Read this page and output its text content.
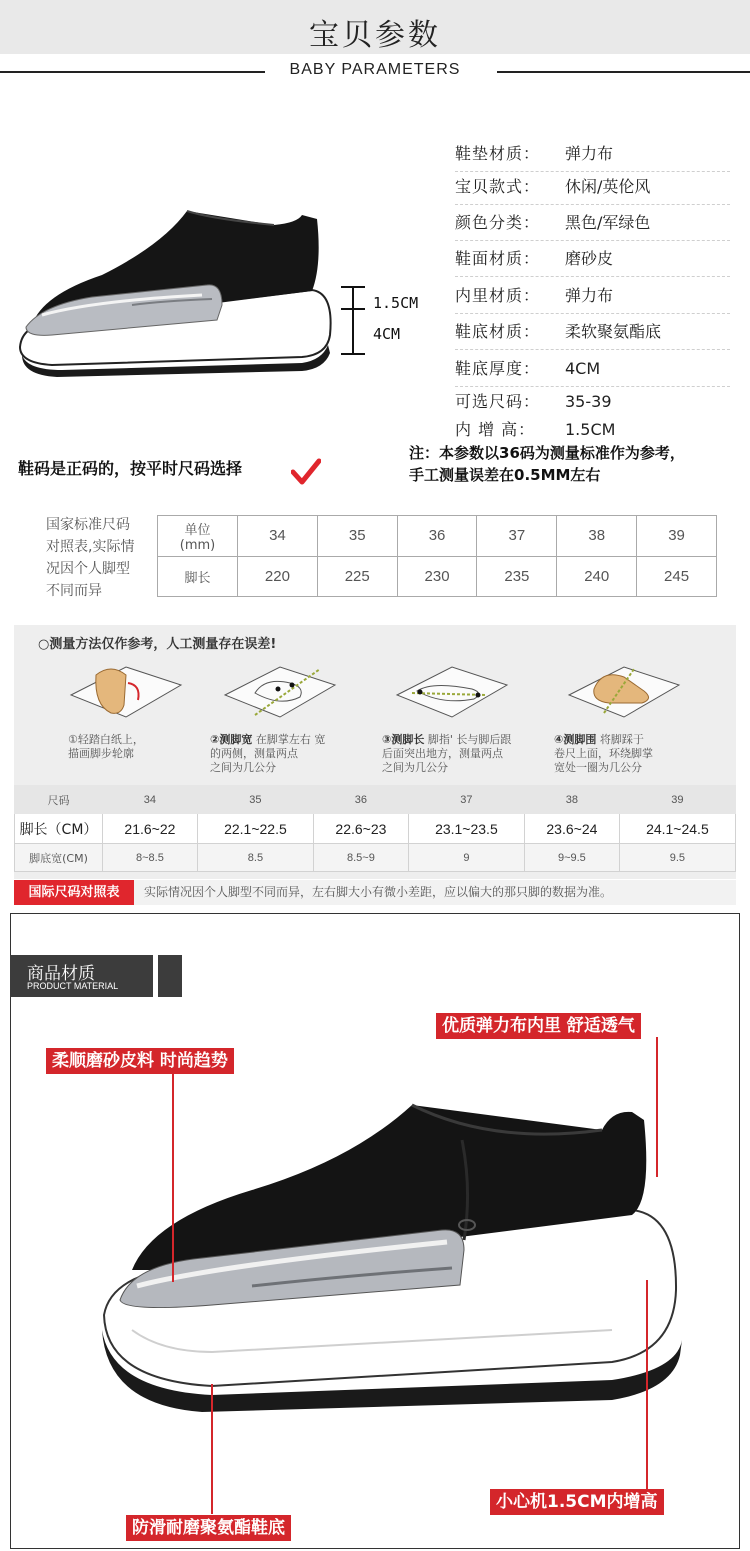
宝贝参数
BABY PARAMETERS
1.5CM
4CM
鞋垫材质： 弹力布
宝贝款式： 休闲/英伦风
颜色分类： 黑色/军绿色
鞋面材质： 磨砂皮
内里材质： 弹力布
鞋底材质： 柔软聚氨酯底
鞋底厚度： 4CM
可选尺码： 35-39
内 增 高： 1.5CM
鞋码是正码的，按平时尺码选择
注：本参数以36码为测量标准作为参考，
手工测量误差在0.5MM左右
国家标准尺码
对照表,实际情
况因个人脚型
不同而异
单位
(mm)	34	35	36	37	38	39
脚长	220	225	230	235	240	245
○测量方法仅作参考，人工测量存在误差!
①轻踏白纸上，
描画脚步轮廓
②测脚宽 在脚掌左右 宽
的两侧，测量两点
之间为几公分
③测脚长 脚指' 长与脚后跟
后面突出地方，测量两点
之间为几公分
④测脚围 将脚踩于
卷尺上面，环绕脚掌
宽处一圈为几公分
尺码	34	35	36	37	38	39
脚长（CM）	21.6~22	22.1~22.5	22.6~23	23.1~23.5	23.6~24	24.1~24.5
脚底宽(CM)	8~8.5	8.5	8.5~9	9	9~9.5	9.5
国际尺码对照表	实际情况因个人脚型不同而异，左右脚大小有微小差距，应以偏大的那只脚的数据为准。
商品材质
PRODUCT MATERIAL
优质弹力布内里 舒适透气
柔顺磨砂皮料 时尚趋势
小心机1.5CM内增高
防滑耐磨聚氨酯鞋底
